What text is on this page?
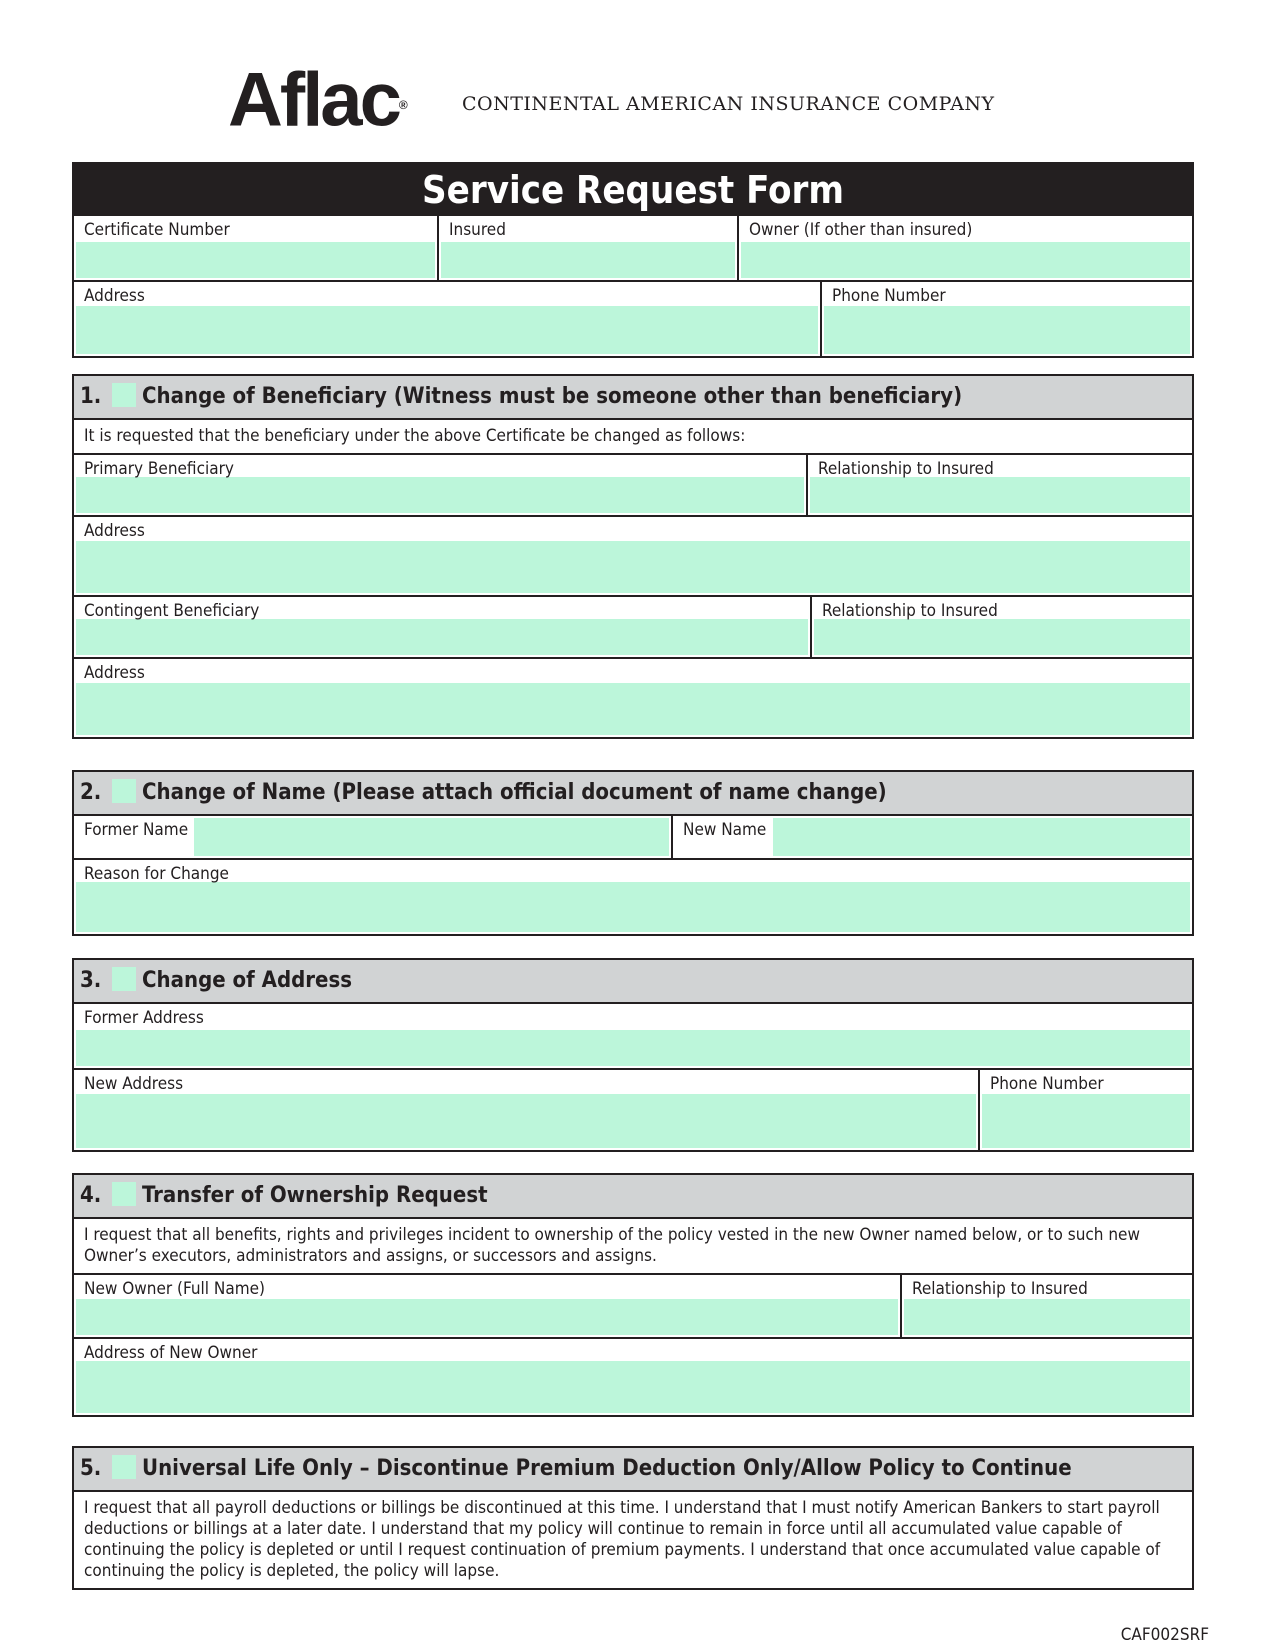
Aflac®	CONTINENTAL AMERICAN INSURANCE COMPANY
Service Request Form
Certificate Number	Insured	Owner (If other than insured)
Address	Phone Number
1. Change of Beneficiary (Witness must be someone other than beneficiary)
It is requested that the beneficiary under the above Certificate be changed as follows:
Primary Beneficiary	Relationship to Insured
Address
Contingent Beneficiary	Relationship to Insured
Address
2. Change of Name (Please attach official document of name change)
Former Name	New Name
Reason for Change
3. Change of Address
Former Address
New Address	Phone Number
4. Transfer of Ownership Request
I request that all benefits, rights and privileges incident to ownership of the policy vested in the new Owner named below, or to such new Owner’s executors, administrators and assigns, or successors and assigns.
New Owner (Full Name)	Relationship to Insured
Address of New Owner
5. Universal Life Only – Discontinue Premium Deduction Only/Allow Policy to Continue
I request that all payroll deductions or billings be discontinued at this time. I understand that I must notify American Bankers to start payroll deductions or billings at a later date. I understand that my policy will continue to remain in force until all accumulated value capable of continuing the policy is depleted or until I request continuation of premium payments. I understand that once accumulated value capable of continuing the policy is depleted, the policy will lapse.
CAF002SRF
